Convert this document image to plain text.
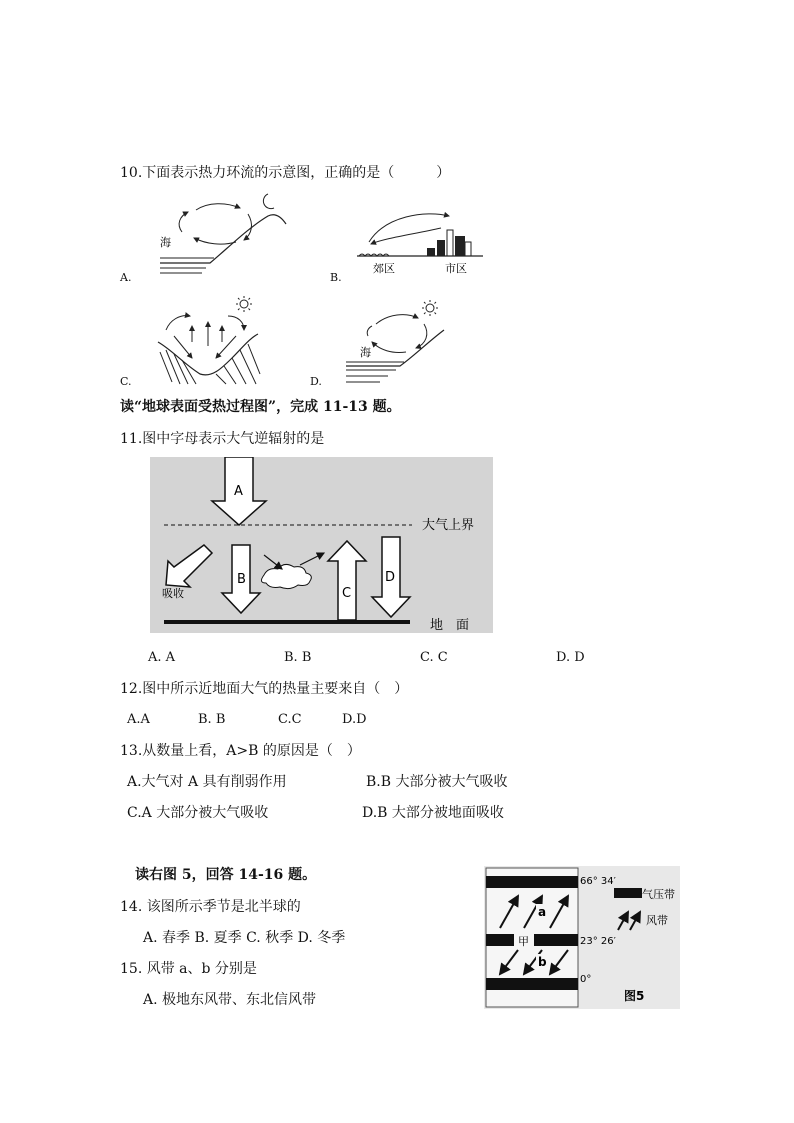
10.下面表示热力环流的示意图，正确的是（　　　）
海
A.
郊区	市区
B.
C.
海
D.
读“地球表面受热过程图”，完成 11-13 题。
11.图中字母表示大气逆辐射的是
A
B
C
D
大气上界
吸收
地　面
A. A	B. B	C. C	D. D
12.图中所示近地面大气的热量主要来自（　）
A.A	B. B	C.C	D.D
13.从数量上看，A>B 的原因是（　）
A.大气对 A 具有削弱作用	B.B 大部分被大气吸收
C.A 大部分被大气吸收	D.B 大部分被地面吸收
读右图 5，回答 14-16 题。
14. 该图所示季节是北半球的
A. 春季 B. 夏季 C. 秋季 D. 冬季
15. 风带 a、b 分别是
A. 极地东风带、东北信风带
a
b
甲
66° 34′
23° 26′
0°
气压带
风带
图5
